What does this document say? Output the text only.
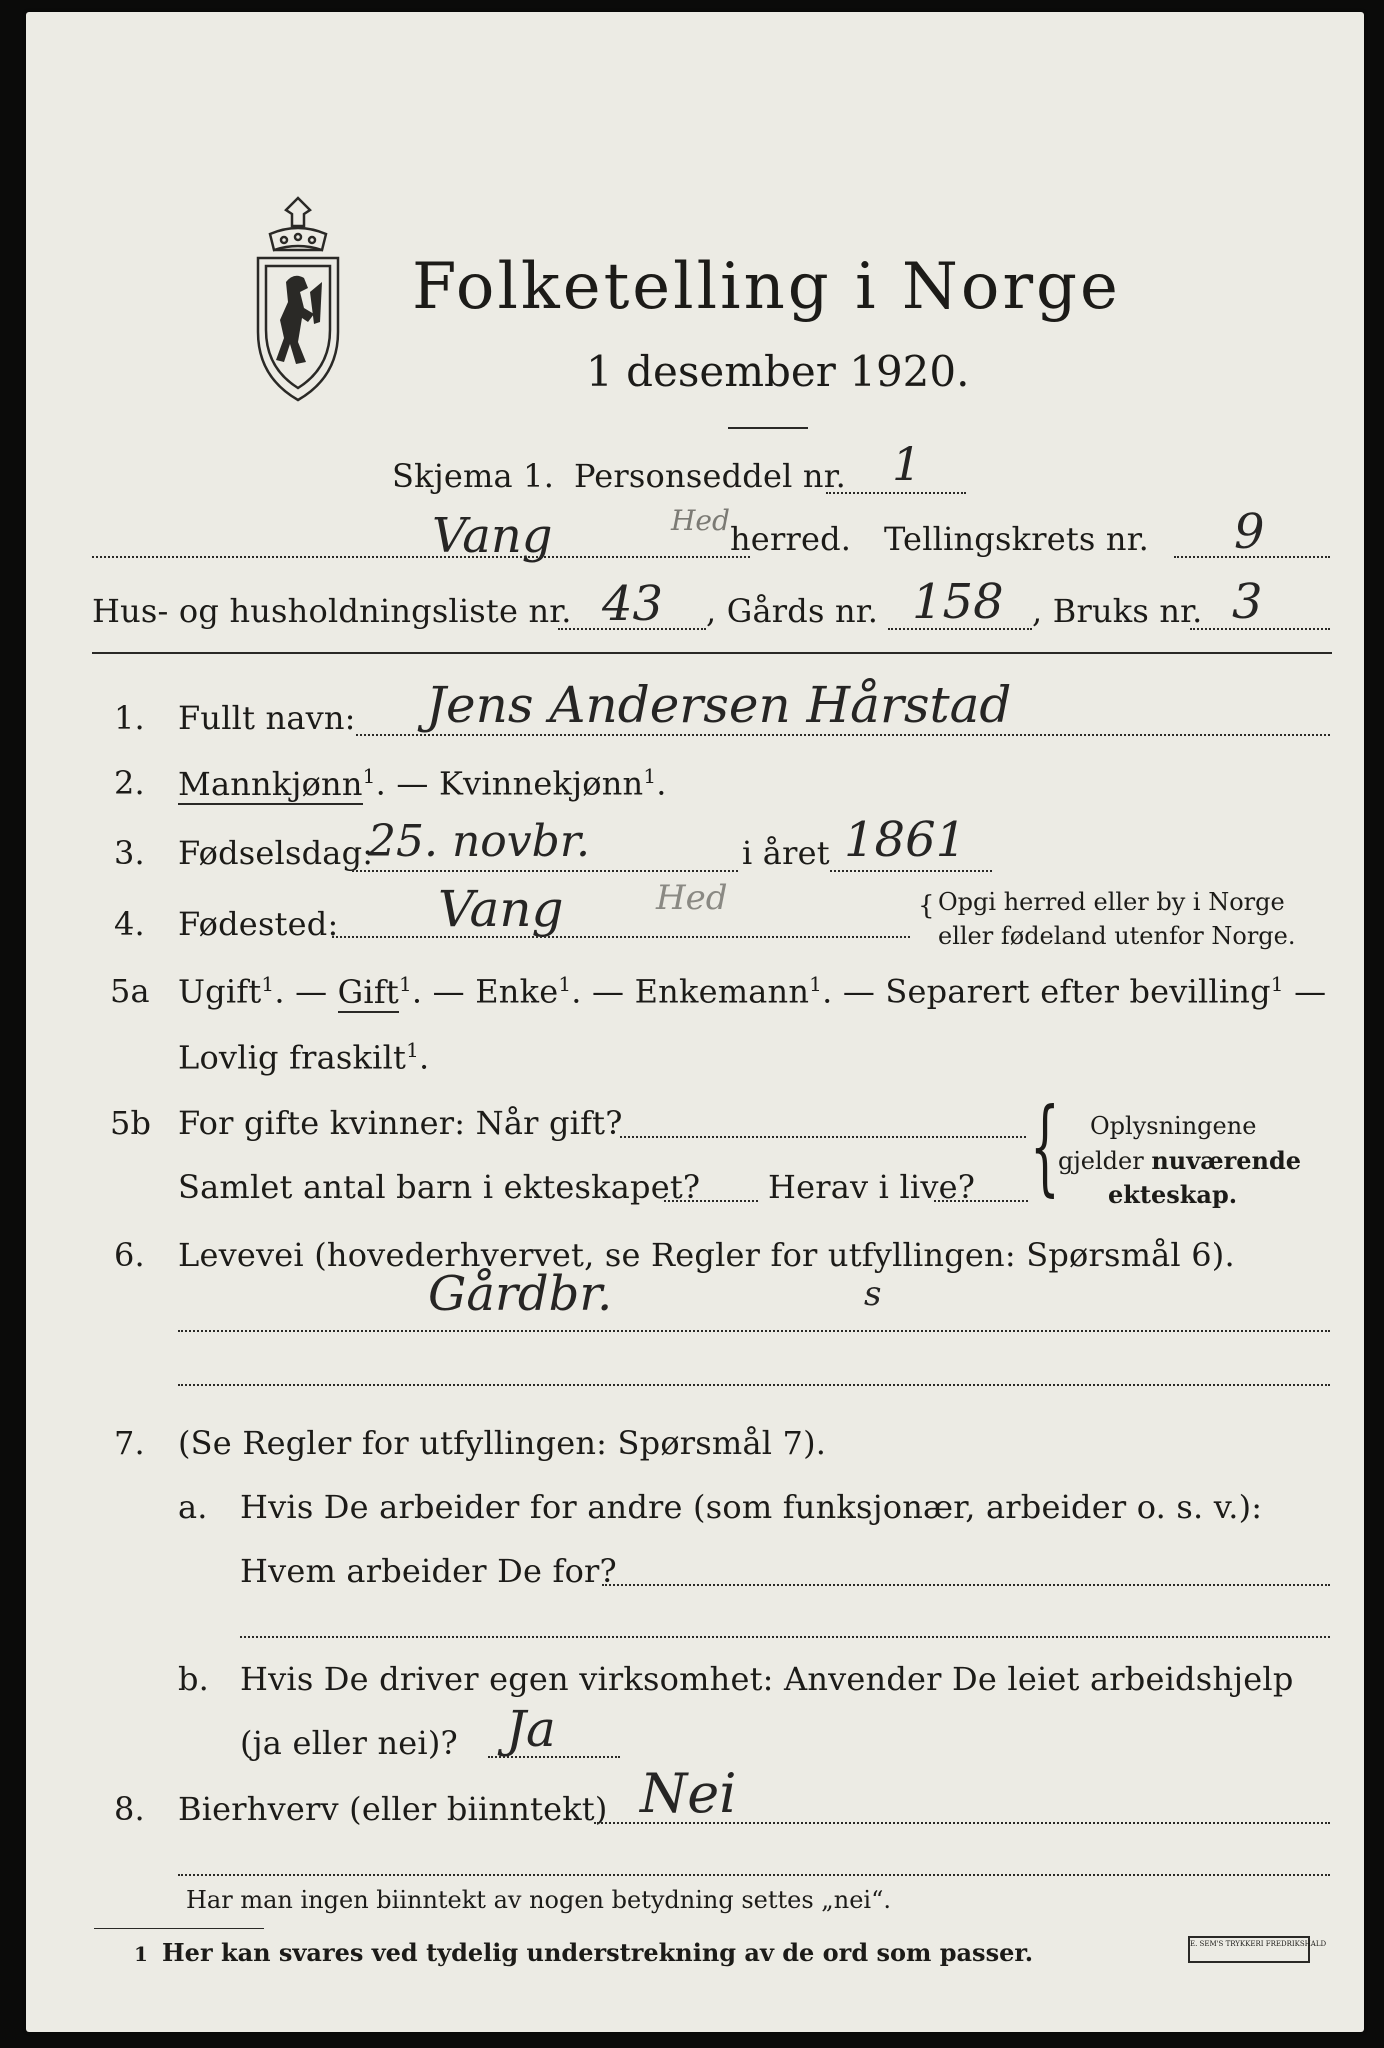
Folketelling i Norge
1 desember 1920.
Skjema 1. Personseddel nr. 1
Vang	Hed herred. Tellingskrets nr. 9
Hus- og husholdningsliste nr. 43 , Gårds nr. 158 , Bruks nr. 3
1. Fullt navn: Jens Andersen Hårstad
2. Mannkjønn$^1$. — Kvinnekjønn$^1$.
3. Fødselsdag:
25. novbr.	i året 1861
4. Fødested: Vang	Hed	{ Opgi herred eller by i Norge
eller fødeland utenfor Norge.
5a Ugift$^1$. — Gift$^1$. — Enke$^1$. — Enkemann$^1$. — Separert efter bevilling$^1$ —
Lovlig fraskilt$^1$.
5b For gifte kvinner: Når gift?
Samlet antal barn i ekteskapet? Herav i live? { Oplysningene
gjelder nuværende
ekteskap.
6. Levevei (hovederhvervet, se Regler for utfyllingen: Spørsmål 6).
Gårdbr.	s
7. (Se Regler for utfyllingen: Spørsmål 7).
a. Hvis De arbeider for andre (som funksjonær, arbeider o. s. v.):
Hvem arbeider De for?
b. Hvis De driver egen virksomhet: Anvender De leiet arbeidshjelp
(ja eller nei)? Ja
8. Bierhverv (eller biinntekt) Nei
Har man ingen biinntekt av nogen betydning settes „nei“.
1 Her kan svares ved tydelig understrekning av de ord som passer.	E. SEM'S TRYKKERI FREDRIKSHALD
